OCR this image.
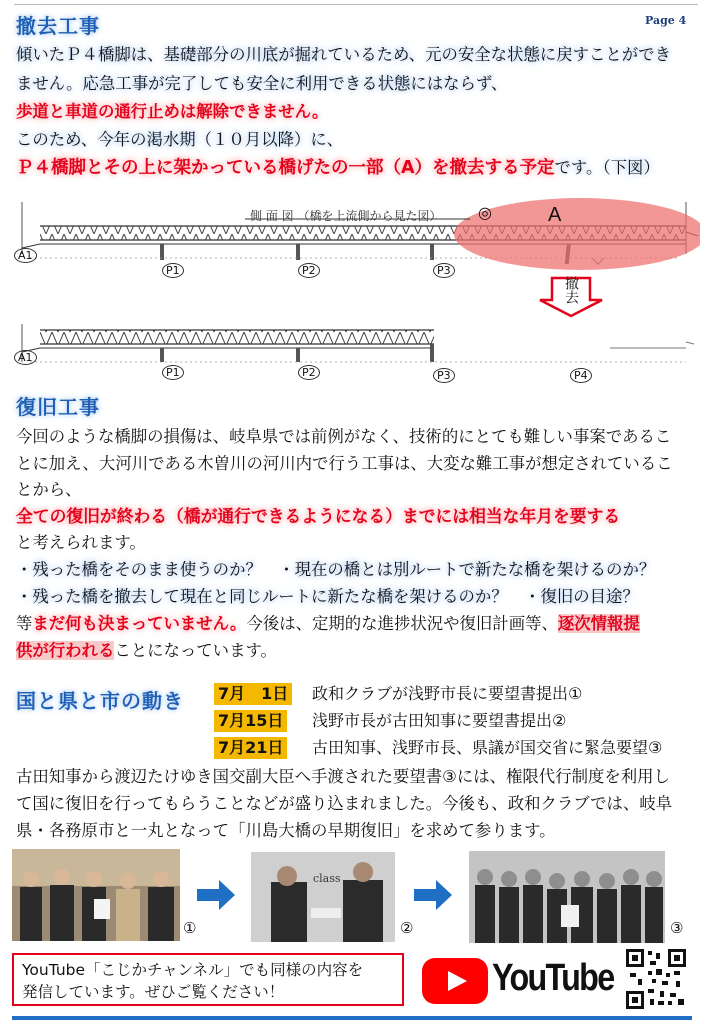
Page 4
撤去工事
傾いたＰ４橋脚は、基礎部分の川底が掘れているため、元の安全な状態に戻すことができ
ません。応急工事が完了しても安全に利用できる状態にはならず、
歩道と車道の通行止めは解除できません。
このため、今年の渇水期（１０月以降）に、
Ｐ４橋脚とその上に架かっている橋げたの一部（A）を撤去する予定です。（下図）
側 面 図 （橋を上流側から見た図） ◎	A
撤去
A1
P1	P2	P3
A1
P1	P2	P3	P4
復旧工事
今回のような橋脚の損傷は、岐阜県では前例がなく、技術的にとても難しい事案であるこ
とに加え、大河川である木曽川の河川内で行う工事は、大変な難工事が想定されているこ
とから、
全ての復旧が終わる（橋が通行できるようになる）までには相当な年月を要する
と考えられます。
・残った橋をそのまま使うのか？　・現在の橋とは別ルートで新たな橋を架けるのか？
・残った橋を撤去して現在と同じルートに新たな橋を架けるのか？　・復旧の目途？
等まだ何も決まっていません。今後は、定期的な進捗状況や復旧計画等、逐次情報提
供が行われることになっています。
国と県と市の動き 7月　1日 政和クラブが浅野市長に要望書提出①
7月15日 浅野市長が古田知事に要望書提出②
7月21日 古田知事、浅野市長、県議が国交省に緊急要望③
古田知事から渡辺たけゆき国交副大臣へ手渡された要望書③には、権限代行制度を利用し
て国に復旧を行ってもらうことなどが盛り込まれました。今後も、政和クラブでは、岐阜
県・各務原市と一丸となって「川島大橋の早期復旧」を求めて参ります。
①
class
②	③
YouTube「こじかチャンネル」でも同様の内容を
発信しています。ぜひご覧ください！	YouTube
